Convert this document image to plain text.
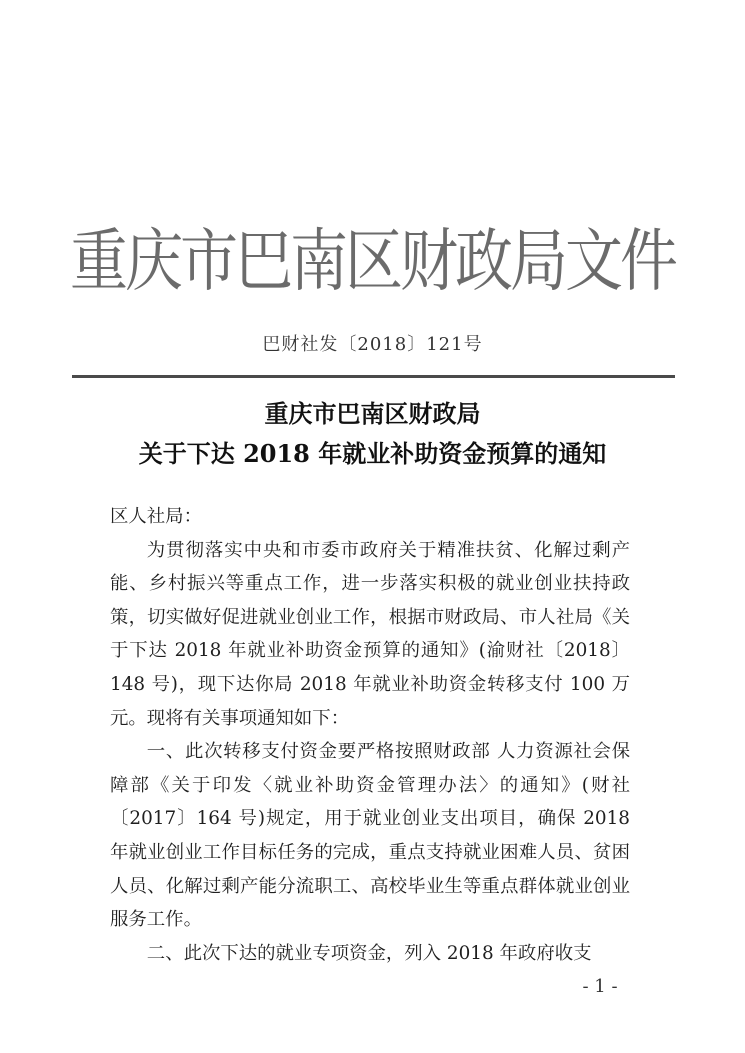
重庆市巴南区财政局文件
巴财社发〔2018〕121号
重庆市巴南区财政局
关于下达 2018 年就业补助资金预算的通知
区人社局：

为贯彻落实中央和市委市政府关于精准扶贫、化解过剩产能、乡村振兴等重点工作，进一步落实积极的就业创业扶持政策，切实做好促进就业创业工作，根据市财政局、市人社局《关于下达 2018 年就业补助资金预算的通知》(渝财社〔2018〕148 号)，现下达你局 2018 年就业补助资金转移支付 100 万元。现将有关事项通知如下：

一、此次转移支付资金要严格按照财政部 人力资源社会保障部《关于印发〈就业补助资金管理办法〉的通知》(财社〔2017〕164 号)规定，用于就业创业支出项目，确保 2018 年就业创业工作目标任务的完成，重点支持就业困难人员、贫困人员、化解过剩产能分流职工、高校毕业生等重点群体就业创业服务工作。

二、此次下达的就业专项资金，列入 2018 年政府收支

- 1 -
